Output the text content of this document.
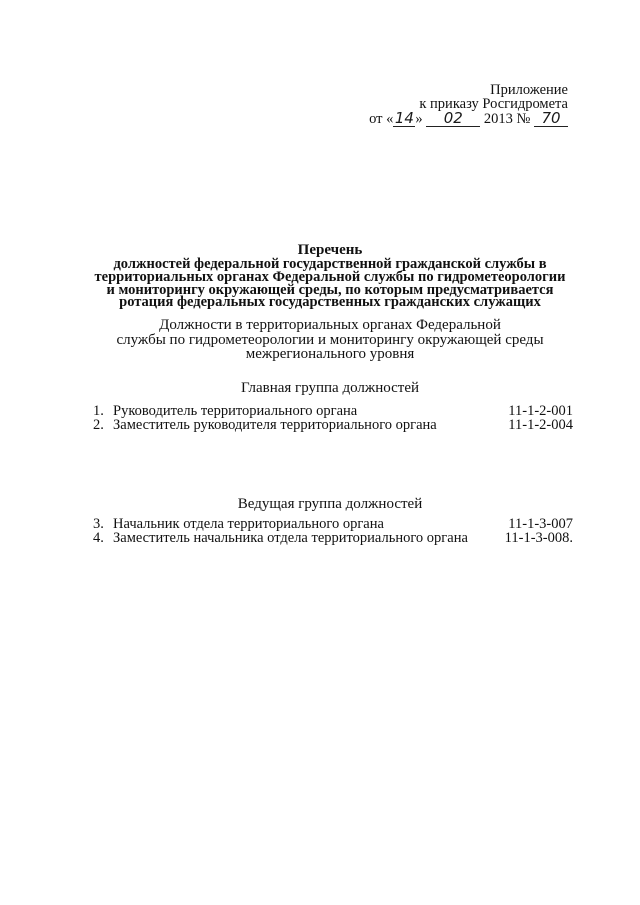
Приложение
к приказу Росгидромета
от «14» 02 2013 № 70
Перечень
должностей федеральной государственной гражданской службы в
территориальных органах Федеральной службы по гидрометеорологии
и мониторингу окружающей среды, по которым предусматривается
ротация федеральных государственных гражданских служащих
Должности в территориальных органах Федеральной
службы по гидрометеорологии и мониторингу окружающей среды
межрегионального уровня
Главная группа должностей
1. Руководитель территориального органа	11-1-2-001
2. Заместитель руководителя территориального органа	11-1-2-004
Ведущая группа должностей
3. Начальник отдела территориального органа	11-1-3-007
4. Заместитель начальника отдела территориального органа	11-1-3-008.
